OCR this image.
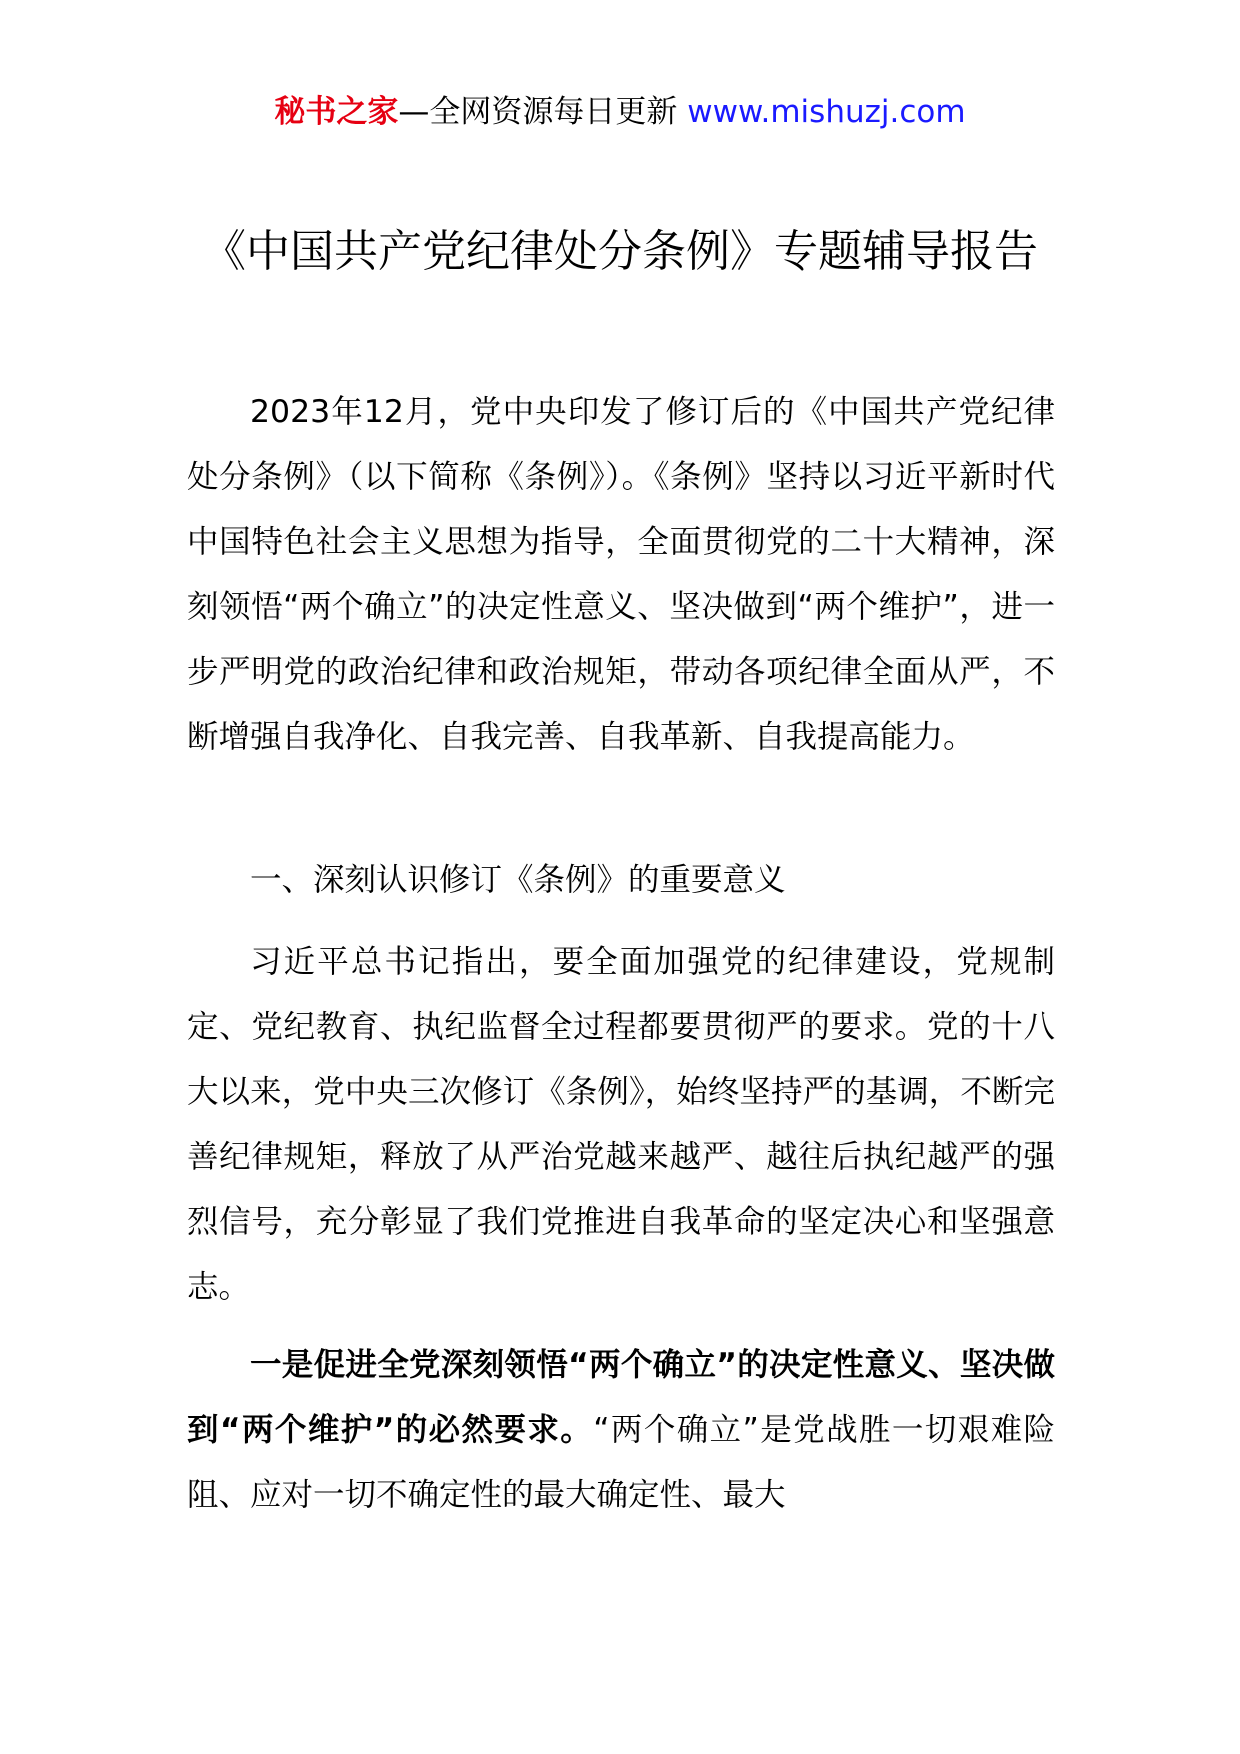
秘书之家—全网资源每日更新 www.mishuzj.com
《中国共产党纪律处分条例》专题辅导报告

2023年12月，党中央印发了修订后的《中国共产党纪律处分条例》（以下简称《条例》）。《条例》坚持以习近平新时代中国特色社会主义思想为指导，全面贯彻党的二十大精神，深刻领悟“两个确立”的决定性意义、坚决做到“两个维护”，进一步严明党的政治纪律和政治规矩，带动各项纪律全面从严，不断增强自我净化、自我完善、自我革新、自我提高能力。

一、深刻认识修订《条例》的重要意义

习近平总书记指出，要全面加强党的纪律建设，党规制定、党纪教育、执纪监督全过程都要贯彻严的要求。党的十八大以来，党中央三次修订《条例》，始终坚持严的基调，不断完善纪律规矩，释放了从严治党越来越严、越往后执纪越严的强烈信号，充分彰显了我们党推进自我革命的坚定决心和坚强意志。

一是促进全党深刻领悟“两个确立”的决定性意义、坚决做到“两个维护”的必然要求。“两个确立”是党战胜一切艰难险阻、应对一切不确定性的最大确定性、最大
